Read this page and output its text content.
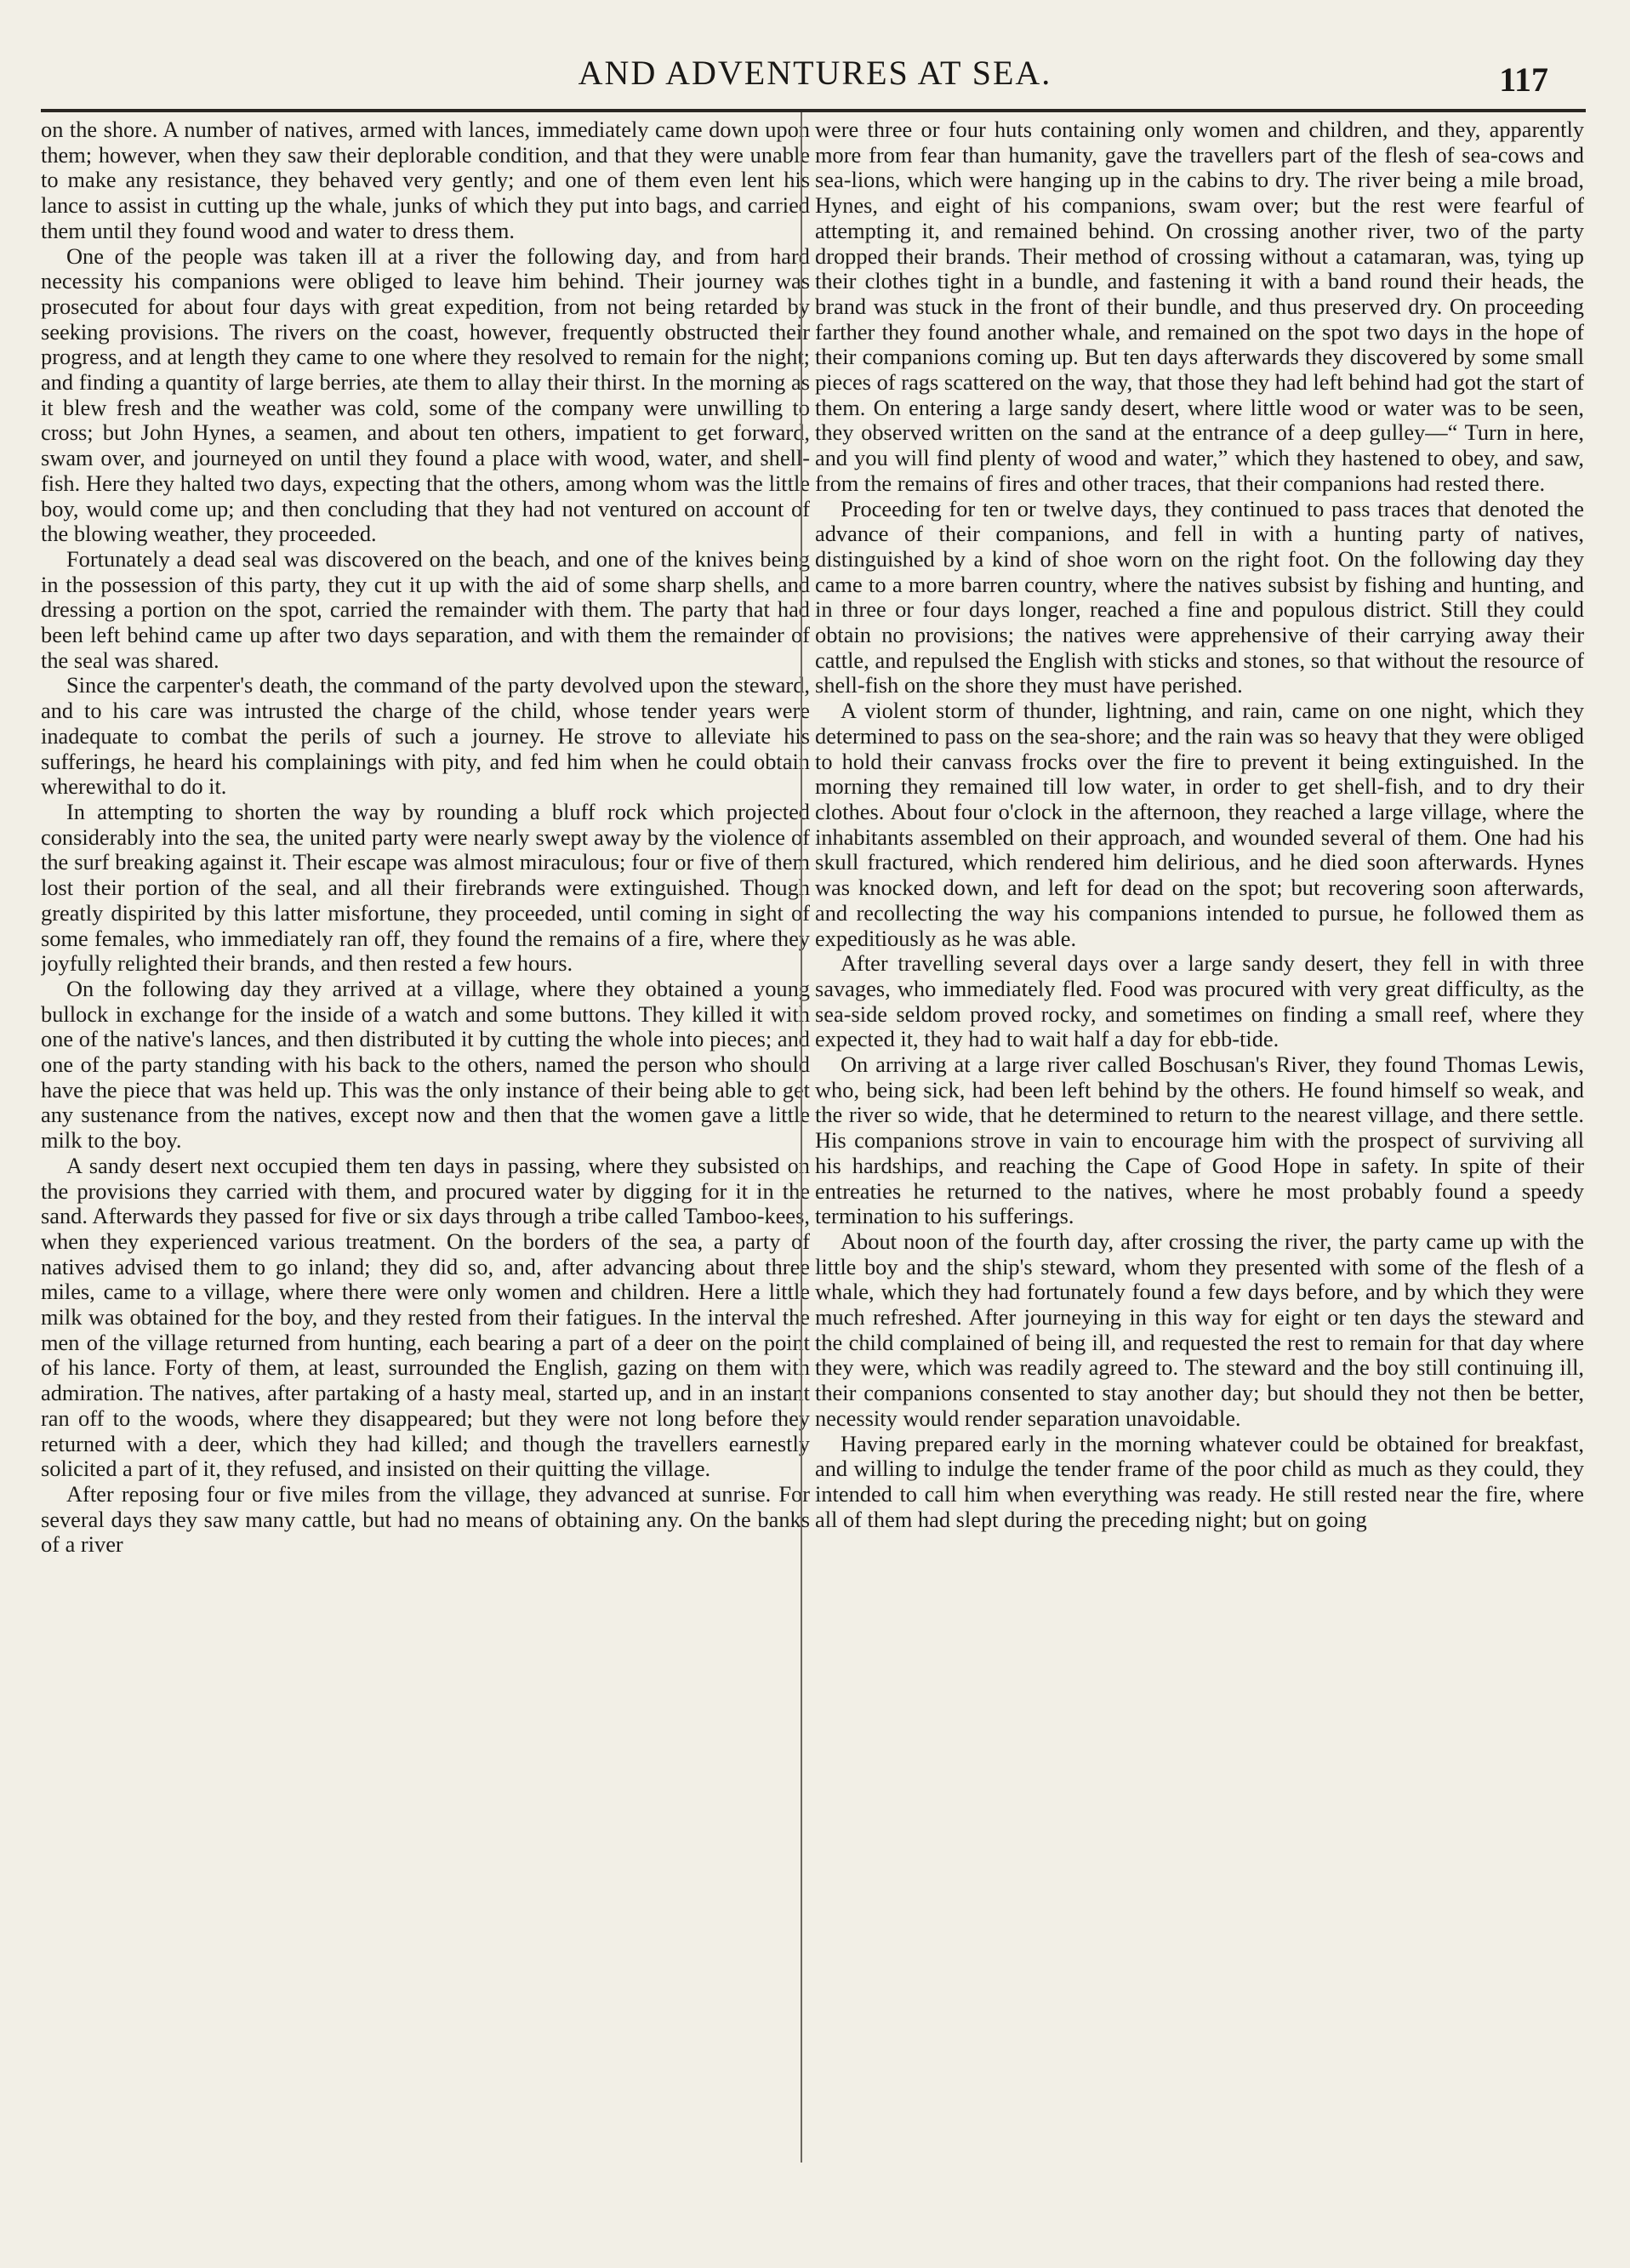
AND ADVENTURES AT SEA.	117

on the shore. A number of natives, armed with lances, immediately came down upon them; however, when they saw their deplorable condition, and that they were unable to make any resistance, they behaved very gently; and one of them even lent his lance to assist in cutting up the whale, junks of which they put into bags, and carried them until they found wood and water to dress them.

One of the people was taken ill at a river the following day, and from hard necessity his companions were obliged to leave him behind. Their journey was prosecuted for about four days with great expedition, from not being retarded by seeking provisions. The rivers on the coast, however, frequently obstructed their progress, and at length they came to one where they resolved to remain for the night; and finding a quantity of large berries, ate them to allay their thirst. In the morning as it blew fresh and the weather was cold, some of the company were unwilling to cross; but John Hynes, a seamen, and about ten others, impatient to get forward, swam over, and journeyed on until they found a place with wood, water, and shell-fish. Here they halted two days, expecting that the others, among whom was the little boy, would come up; and then concluding that they had not ventured on account of the blowing weather, they proceeded.

Fortunately a dead seal was discovered on the beach, and one of the knives being in the possession of this party, they cut it up with the aid of some sharp shells, and dressing a portion on the spot, carried the remainder with them. The party that had been left behind came up after two days separation, and with them the remainder of the seal was shared.

Since the carpenter's death, the command of the party devolved upon the steward, and to his care was intrusted the charge of the child, whose tender years were inadequate to combat the perils of such a journey. He strove to alleviate his sufferings, he heard his complainings with pity, and fed him when he could obtain wherewithal to do it.

In attempting to shorten the way by rounding a bluff rock which projected considerably into the sea, the united party were nearly swept away by the violence of the surf breaking against it. Their escape was almost miraculous; four or five of them lost their portion of the seal, and all their firebrands were extinguished. Though greatly dispirited by this latter misfortune, they proceeded, until coming in sight of some females, who immediately ran off, they found the remains of a fire, where they joyfully relighted their brands, and then rested a few hours.

On the following day they arrived at a village, where they obtained a young bullock in exchange for the inside of a watch and some buttons. They killed it with one of the native's lances, and then distributed it by cutting the whole into pieces; and one of the party standing with his back to the others, named the person who should have the piece that was held up. This was the only instance of their being able to get any sustenance from the natives, except now and then that the women gave a little milk to the boy.

A sandy desert next occupied them ten days in passing, where they subsisted on the provisions they carried with them, and procured water by digging for it in the sand. Afterwards they passed for five or six days through a tribe called Tamboo-kees, when they experienced various treatment. On the borders of the sea, a party of natives advised them to go inland; they did so, and, after advancing about three miles, came to a village, where there were only women and children. Here a little milk was obtained for the boy, and they rested from their fatigues. In the interval the men of the village returned from hunting, each bearing a part of a deer on the point of his lance. Forty of them, at least, surrounded the English, gazing on them with admiration. The natives, after partaking of a hasty meal, started up, and in an instant ran off to the woods, where they disappeared; but they were not long before they returned with a deer, which they had killed; and though the travellers earnestly solicited a part of it, they refused, and insisted on their quitting the village.

After reposing four or five miles from the village, they advanced at sunrise. For several days they saw many cattle, but had no means of obtaining any. On the banks of a river

were three or four huts containing only women and children, and they, apparently more from fear than humanity, gave the travellers part of the flesh of sea-cows and sea-lions, which were hanging up in the cabins to dry. The river being a mile broad, Hynes, and eight of his companions, swam over; but the rest were fearful of attempting it, and remained behind. On crossing another river, two of the party dropped their brands. Their method of crossing without a catamaran, was, tying up their clothes tight in a bundle, and fastening it with a band round their heads, the brand was stuck in the front of their bundle, and thus preserved dry. On proceeding farther they found another whale, and remained on the spot two days in the hope of their companions coming up. But ten days afterwards they discovered by some small pieces of rags scattered on the way, that those they had left behind had got the start of them. On entering a large sandy desert, where little wood or water was to be seen, they observed written on the sand at the entrance of a deep gulley—“ Turn in here, and you will find plenty of wood and water,” which they hastened to obey, and saw, from the remains of fires and other traces, that their companions had rested there.

Proceeding for ten or twelve days, they continued to pass traces that denoted the advance of their companions, and fell in with a hunting party of natives, distinguished by a kind of shoe worn on the right foot. On the following day they came to a more barren country, where the natives subsist by fishing and hunting, and in three or four days longer, reached a fine and populous district. Still they could obtain no provisions; the natives were apprehensive of their carrying away their cattle, and repulsed the English with sticks and stones, so that without the resource of shell-fish on the shore they must have perished.

A violent storm of thunder, lightning, and rain, came on one night, which they determined to pass on the sea-shore; and the rain was so heavy that they were obliged to hold their canvass frocks over the fire to prevent it being extinguished. In the morning they remained till low water, in order to get shell-fish, and to dry their clothes. About four o'clock in the afternoon, they reached a large village, where the inhabitants assembled on their approach, and wounded several of them. One had his skull fractured, which rendered him delirious, and he died soon afterwards. Hynes was knocked down, and left for dead on the spot; but recovering soon afterwards, and recollecting the way his companions intended to pursue, he followed them as expeditiously as he was able.

After travelling several days over a large sandy desert, they fell in with three savages, who immediately fled. Food was procured with very great difficulty, as the sea-side seldom proved rocky, and sometimes on finding a small reef, where they expected it, they had to wait half a day for ebb-tide.

On arriving at a large river called Boschusan's River, they found Thomas Lewis, who, being sick, had been left behind by the others. He found himself so weak, and the river so wide, that he determined to return to the nearest village, and there settle. His companions strove in vain to encourage him with the prospect of surviving all his hardships, and reaching the Cape of Good Hope in safety. In spite of their entreaties he returned to the natives, where he most probably found a speedy termination to his sufferings.

About noon of the fourth day, after crossing the river, the party came up with the little boy and the ship's steward, whom they presented with some of the flesh of a whale, which they had fortunately found a few days before, and by which they were much refreshed. After journeying in this way for eight or ten days the steward and the child complained of being ill, and requested the rest to remain for that day where they were, which was readily agreed to. The steward and the boy still continuing ill, their companions consented to stay another day; but should they not then be better, necessity would render separation unavoidable.

Having prepared early in the morning whatever could be obtained for breakfast, and willing to indulge the tender frame of the poor child as much as they could, they intended to call him when everything was ready. He still rested near the fire, where all of them had slept during the preceding night; but on going
